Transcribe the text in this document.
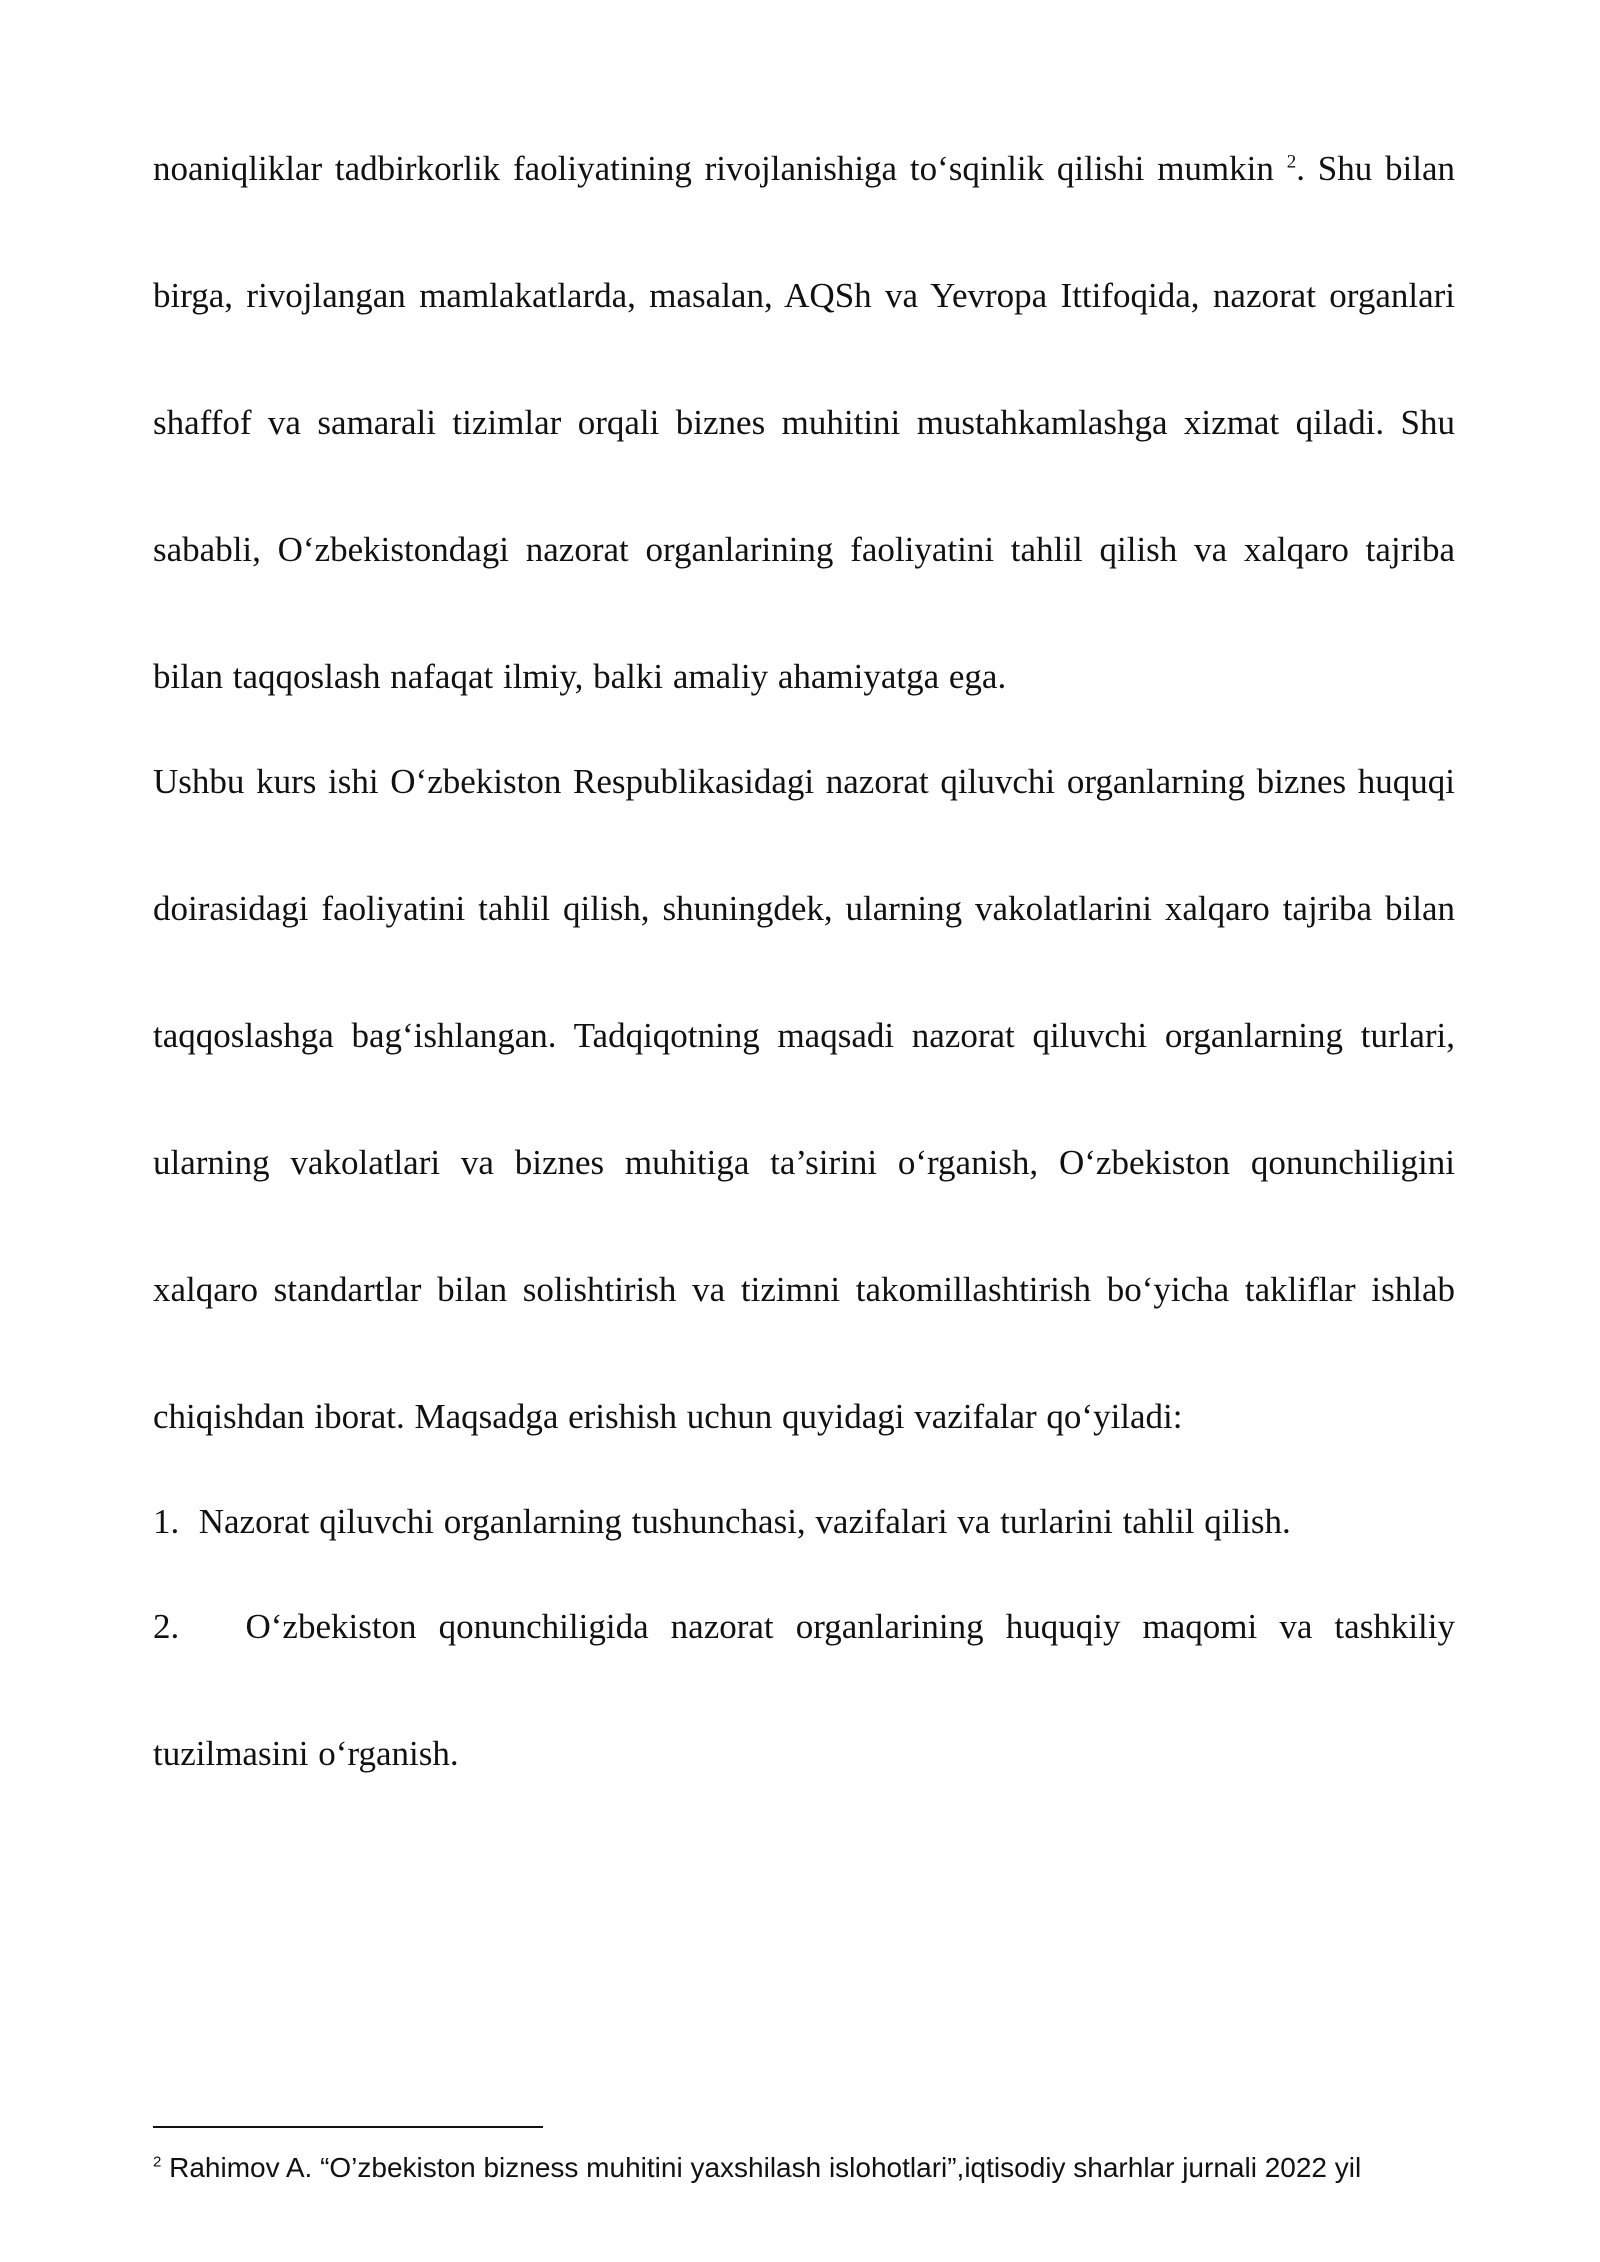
noaniqliklar tadbirkorlik faoliyatining rivojlanishiga to‘sqinlik qilishi mumkin $^2$. Shu bilan birga, rivojlangan mamlakatlarda, masalan, AQSh va Yevropa Ittifoqida, nazorat organlari shaffof va samarali tizimlar orqali biznes muhitini mustahkamlashga xizmat qiladi. Shu sababli, O‘zbekistondagi nazorat organlarining faoliyatini tahlil qilish va xalqaro tajriba bilan taqqoslash nafaqat ilmiy, balki amaliy ahamiyatga ega.

Ushbu kurs ishi O‘zbekiston Respublikasidagi nazorat qiluvchi organlarning biznes huquqi doirasidagi faoliyatini tahlil qilish, shuningdek, ularning vakolatlarini xalqaro tajriba bilan taqqoslashga bag‘ishlangan. Tadqiqotning maqsadi nazorat qiluvchi organlarning turlari, ularning vakolatlari va biznes muhitiga ta’sirini o‘rganish, O‘zbekiston qonunchiligini xalqaro standartlar bilan solishtirish va tizimni takomillashtirish bo‘yicha takliflar ishlab chiqishdan iborat. Maqsadga erishish uchun quyidagi vazifalar qo‘yiladi:

1. Nazorat qiluvchi organlarning tushunchasi, vazifalari va turlarini tahlil qilish.

2. O‘zbekiston qonunchiligida nazorat organlarining huquqiy maqomi va tashkiliy tuzilmasini o‘rganish.

$^2$ Rahimov A. “O’zbekiston bizness muhitini yaxshilash islohotlari”,iqtisodiy sharhlar jurnali 2022 yil
